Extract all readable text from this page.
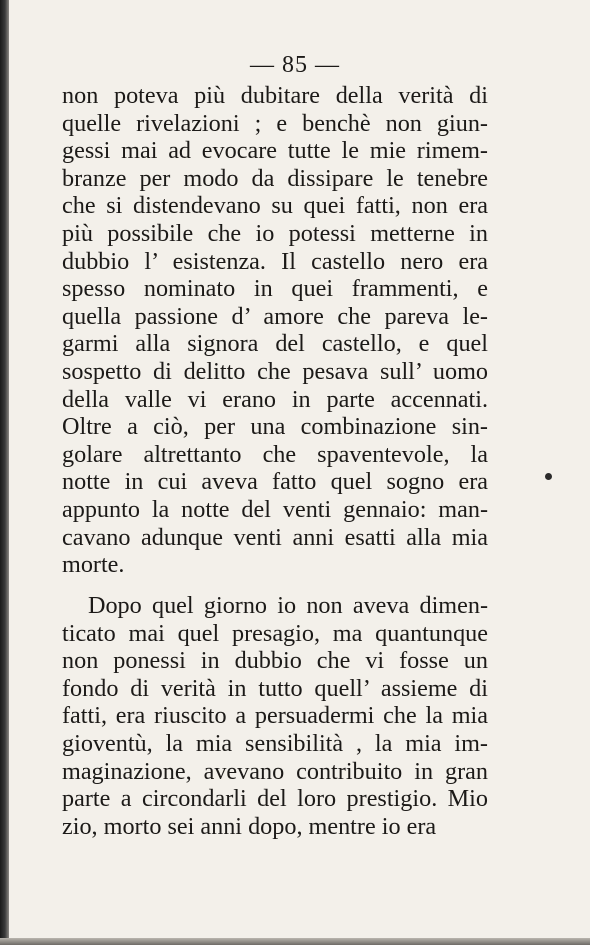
— 85 —
non poteva più dubitare della verità di
quelle rivelazioni ; e benchè non giun-
gessi mai ad evocare tutte le mie rimem-
branze per modo da dissipare le tenebre
che si distendevano su quei fatti, non era
più possibile che io potessi metterne in
dubbio l’ esistenza. Il castello nero era
spesso nominato in quei frammenti, e
quella passione d’ amore che pareva le-
garmi alla signora del castello, e quel
sospetto di delitto che pesava sull’ uomo
della valle vi erano in parte accennati.
Oltre a ciò, per una combinazione sin-
golare altrettanto che spaventevole, la
notte in cui aveva fatto quel sogno era
appunto la notte del venti gennaio: man-
cavano adunque venti anni esatti alla mia
morte.
Dopo quel giorno io non aveva dimen-
ticato mai quel presagio, ma quantunque
non ponessi in dubbio che vi fosse un
fondo di verità in tutto quell’ assieme di
fatti, era riuscito a persuadermi che la mia
gioventù, la mia sensibilità , la mia im-
maginazione, avevano contribuito in gran
parte a circondarli del loro prestigio. Mio
zio, morto sei anni dopo, mentre io era
